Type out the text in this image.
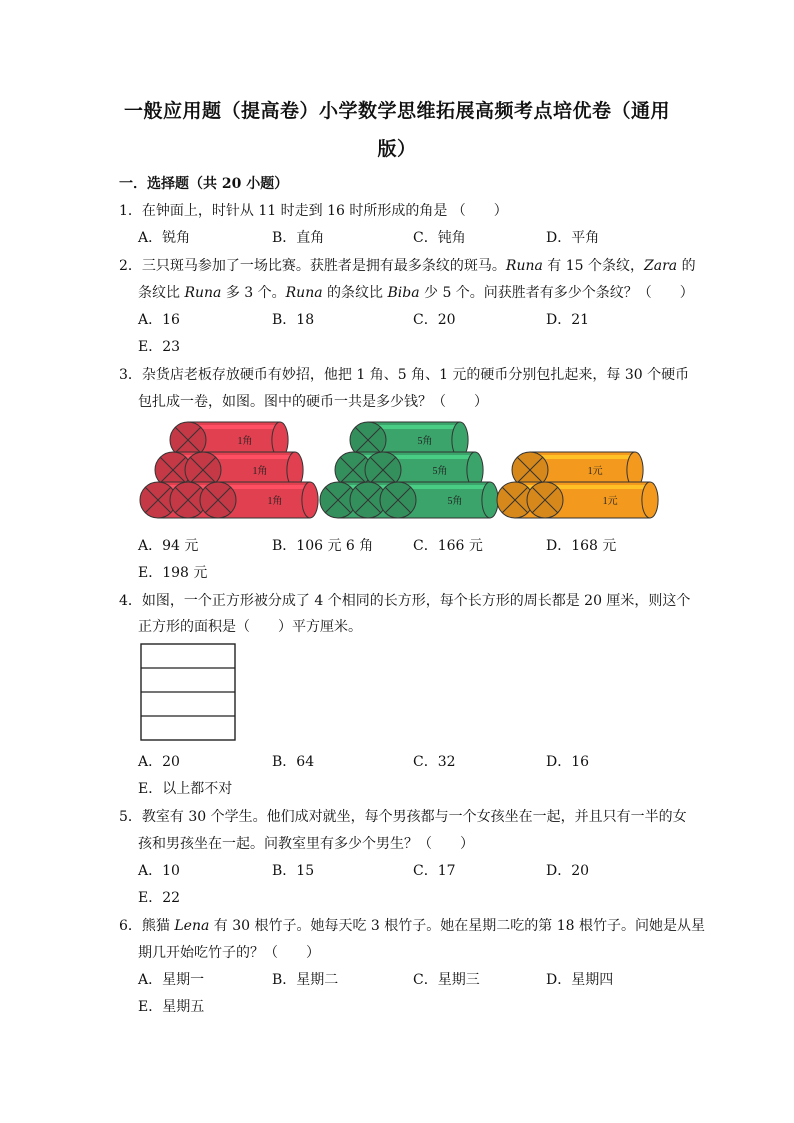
一般应用题（提高卷）小学数学思维拓展高频考点培优卷（通用
版）
一．选择题（共 20 小题）
1．在钟面上，时针从 11 时走到 16 时所形成的角是 （　　）
A．锐角	B．直角	C．钝角	D．平角
2．三只斑马参加了一场比赛。获胜者是拥有最多条纹的斑马。Runa 有 15 个条纹，Zara 的
条纹比 Runa 多 3 个。Runa 的条纹比 Biba 少 5 个。问获胜者有多少个条纹？（　　）
A．16	B．18	C．20	D．21
E．23
3．杂货店老板存放硬币有妙招，他把 1 角、5 角、1 元的硬币分别包扎起来，每 30 个硬币
包扎成一卷，如图。图中的硬币一共是多少钱？（　　）
1角
1角
1角
5角
5角
5角
1元
1元
A．94 元	B．106 元 6 角	C．166 元	D．168 元
E．198 元
4．如图，一个正方形被分成了 4 个相同的长方形，每个长方形的周长都是 20 厘米，则这个
正方形的面积是（　　）平方厘米。
A．20	B．64	C．32	D．16
E．以上都不对
5．教室有 30 个学生。他们成对就坐，每个男孩都与一个女孩坐在一起，并且只有一半的女
孩和男孩坐在一起。问教室里有多少个男生？（　　）
A．10	B．15	C．17	D．20
E．22
6．熊猫 Lena 有 30 根竹子。她每天吃 3 根竹子。她在星期二吃的第 18 根竹子。问她是从星
期几开始吃竹子的？（　　）
A．星期一	B．星期二	C．星期三	D．星期四
E．星期五
